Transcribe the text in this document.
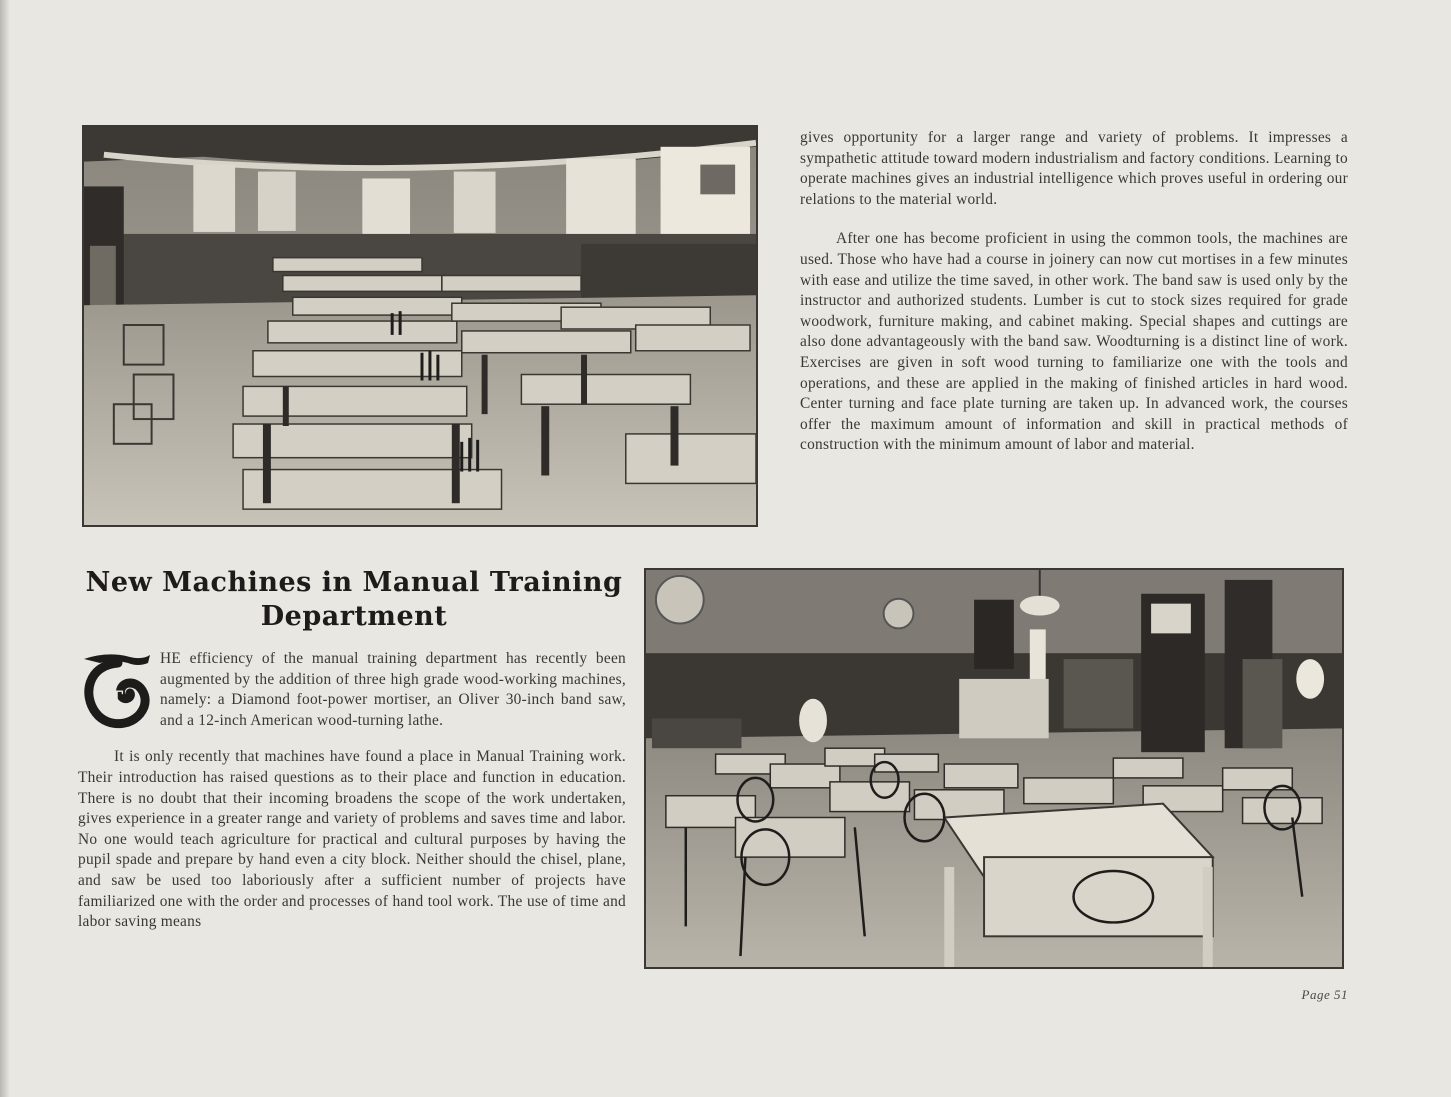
gives opportunity for a larger range and variety of problems. It impresses a sympathetic attitude toward modern industrialism and factory conditions. Learning to operate machines gives an industrial intelligence which proves useful in ordering our relations to the material world.

After one has become proficient in using the common tools, the machines are used. Those who have had a course in joinery can now cut mortises in a few minutes with ease and utilize the time saved, in other work. The band saw is used only by the instructor and authorized students. Lumber is cut to stock sizes required for grade woodwork, furniture making, and cabinet making. Special shapes and cuttings are also done advantageously with the band saw. Woodturning is a distinct line of work. Exercises are given in soft wood turning to familiarize one with the tools and operations, and these are applied in the making of finished articles in hard wood. Center turning and face plate turning are taken up. In advanced work, the courses offer the maximum amount of information and skill in practical methods of construction with the minimum amount of labor and material.

New Machines in Manual Training
Department

T
HE efficiency of the manual training department has recently been augmented by the addition of three high grade wood-working machines, namely: a Diamond foot-power mortiser, an Oliver 30-inch band saw, and a 12-inch American wood-turning lathe.

It is only recently that machines have found a place in Manual Training work. Their introduction has raised questions as to their place and function in education. There is no doubt that their incoming broadens the scope of the work undertaken, gives experience in a greater range and variety of problems and saves time and labor. No one would teach agriculture for practical and cultural purposes by having the pupil spade and prepare by hand even a city block. Neither should the chisel, plane, and saw be used too laboriously after a sufficient number of projects have familiarized one with the order and processes of hand tool work. The use of time and labor saving means

Page 51
